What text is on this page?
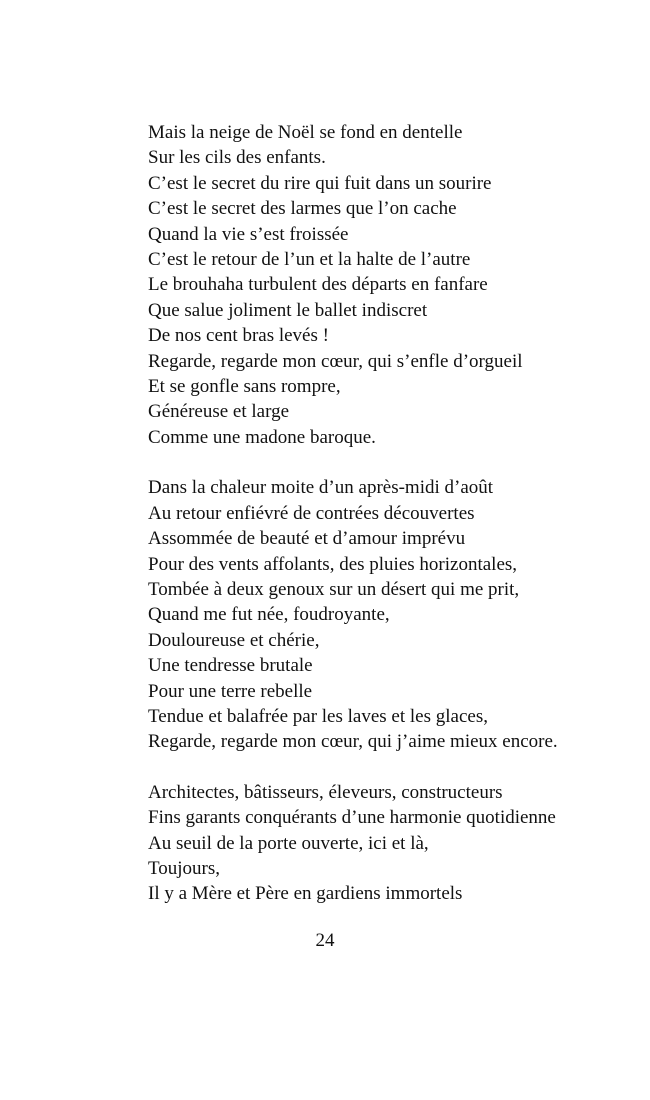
Mais la neige de Noël se fond en dentelle
Sur les cils des enfants.
C’est le secret du rire qui fuit dans un sourire
C’est le secret des larmes que l’on cache
Quand la vie s’est froissée
C’est le retour de l’un et la halte de l’autre
Le brouhaha turbulent des départs en fanfare
Que salue joliment le ballet indiscret
De nos cent bras levés !
Regarde, regarde mon cœur, qui s’enfle d’orgueil
Et se gonfle sans rompre,
Généreuse et large
Comme une madone baroque.
Dans la chaleur moite d’un après-midi d’août
Au retour enfiévré de contrées découvertes
Assommée de beauté et d’amour imprévu
Pour des vents affolants, des pluies horizontales,
Tombée à deux genoux sur un désert qui me prit,
Quand me fut née, foudroyante,
Douloureuse et chérie,
Une tendresse brutale
Pour une terre rebelle
Tendue et balafrée par les laves et les glaces,
Regarde, regarde mon cœur, qui j’aime mieux encore.
Architectes, bâtisseurs, éleveurs, constructeurs
Fins garants conquérants d’une harmonie quotidienne
Au seuil de la porte ouverte, ici et là,
Toujours,
Il y a Mère et Père en gardiens immortels
24
